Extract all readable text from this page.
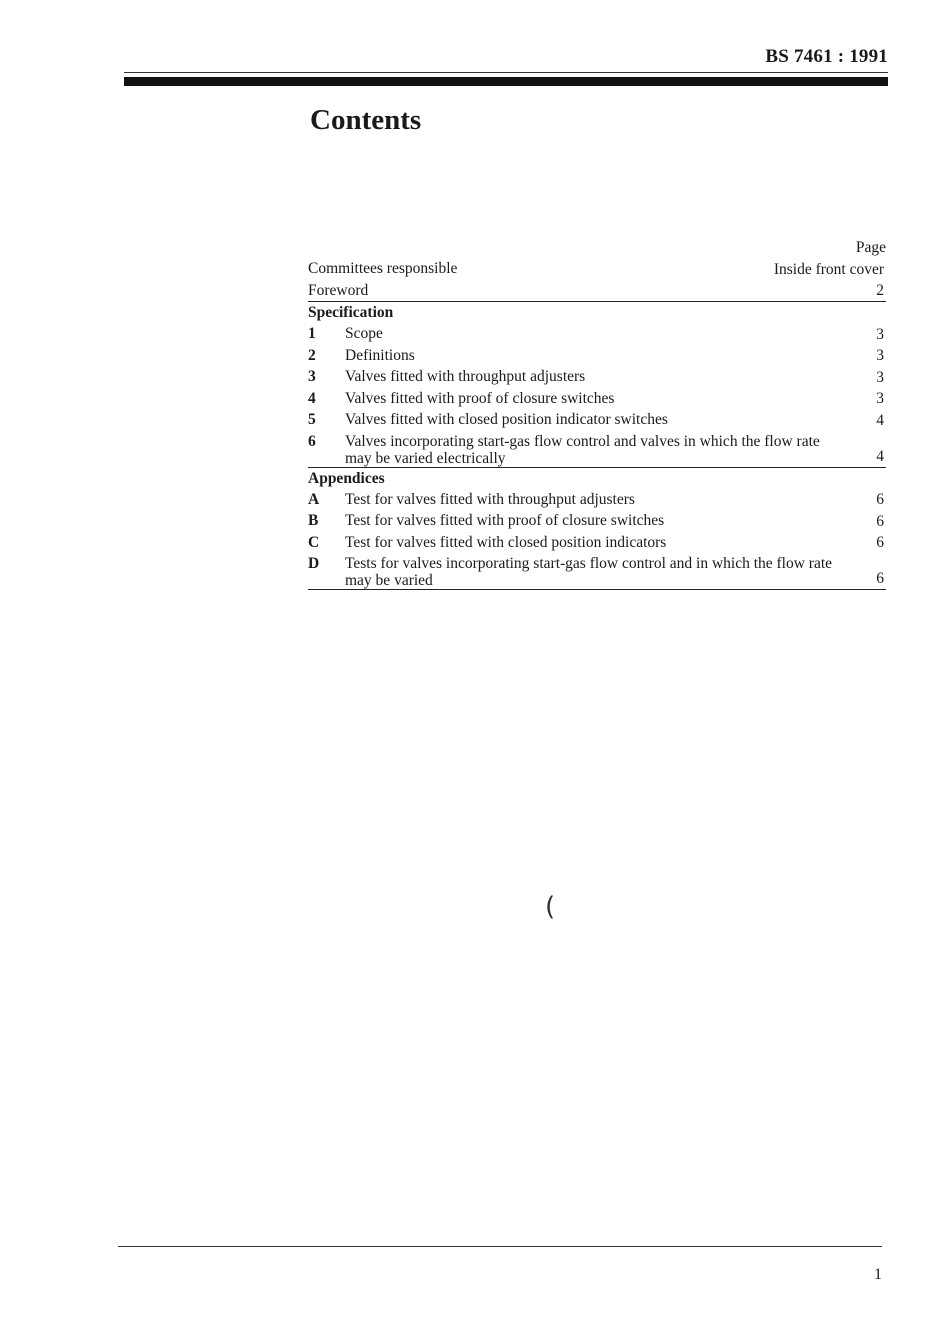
BS 7461 : 1991
Contents
Page
Committees responsible	Inside front cover
Foreword	2
Specification
1 Scope	3
2 Definitions	3
3 Valves fitted with throughput adjusters	3
4 Valves fitted with proof of closure switches	3
5 Valves fitted with closed position indicator switches	4
6 Valves incorporating start-gas flow control and valves in which the flow rate may be varied electrically	4
Appendices
A Test for valves fitted with throughput adjusters	6
B Test for valves fitted with proof of closure switches	6
C Test for valves fitted with closed position indicators	6
D Tests for valves incorporating start-gas flow control and in which the flow rate may be varied	6
(
1
